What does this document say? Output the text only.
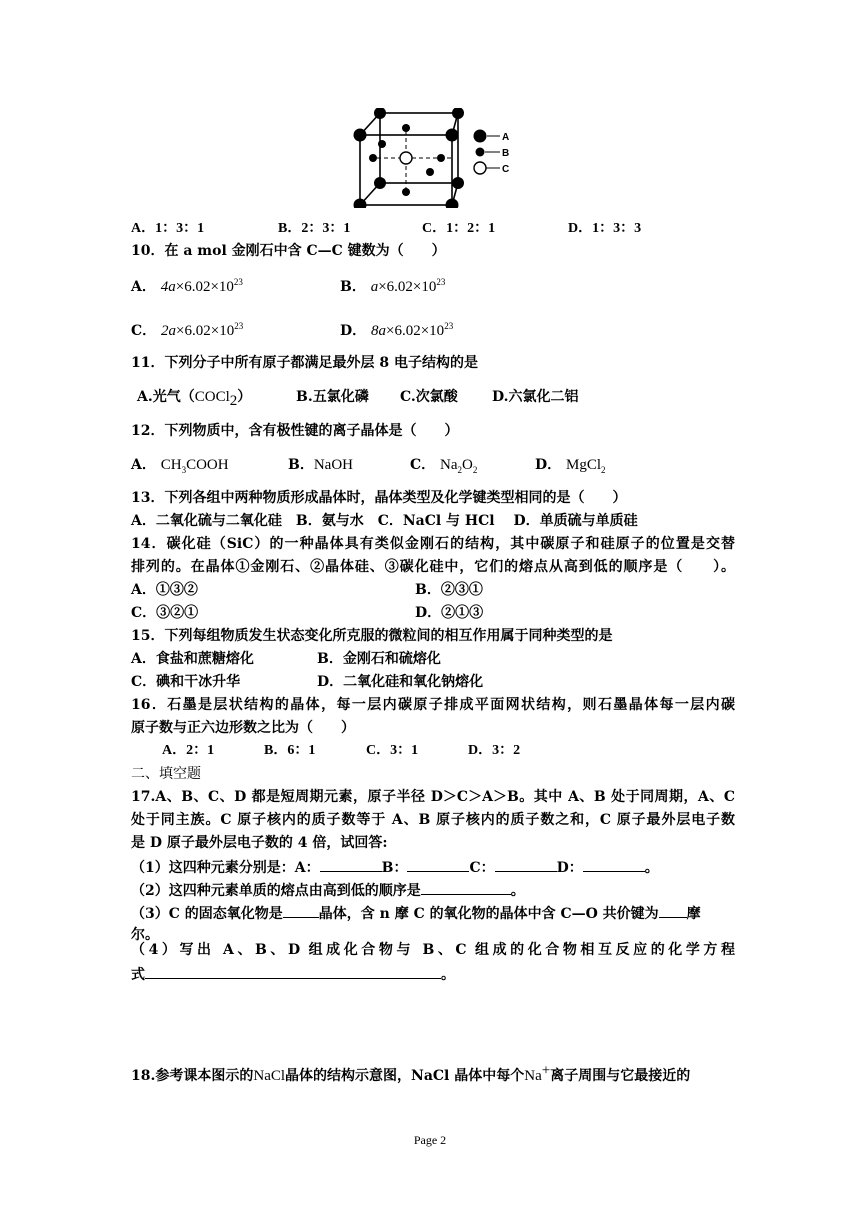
A
B
C
A．1：3：1	B．2：3：1	C．1：2：1	D．1：3：3
10．在 a mol 金刚石中含 C—C 键数为（　　）
A． $4a\times 6.02\times 10^{23}$	B． $a\times 6.02\times 10^{23}$
C． $2a\times 6.02\times 10^{23}$	D． $8a\times 6.02\times 10^{23}$
11．下列分子中所有原子都满足最外层 8 电子结构的是
A.光气（COCl$_2$）	B.五氯化磷 C.次氯酸 D.六氯化二铝
12．下列物质中，含有极性键的离子晶体是（　　）
A． $CH_3COOH$	B．NaOH	C． $Na_2O_2$	D． MgCl$_2$
13．下列各组中两种物质形成晶体时，晶体类型及化学键类型相同的是（　　）
A．二氧化硫与二氧化硅　B．氨与水　C．NaCl 与 HCl　 D．单质硫与单质硅
14．碳化硅（SiC）的一种晶体具有类似金刚石的结构，其中碳原子和硅原子的位置是交替
排列的。在晶体①金刚石、②晶体硅、③碳化硅中，它们的熔点从高到低的顺序是（　　）。
A．①③②	B．②③①
C．③②①	D．②①③
15．下列每组物质发生状态变化所克服的微粒间的相互作用属于同种类型的是
A．食盐和蔗糖熔化	B．金刚石和硫熔化
C．碘和干冰升华	D．二氧化硅和氧化钠熔化
16．石墨是层状结构的晶体，每一层内碳原子排成平面网状结构，则石墨晶体每一层内碳
原子数与正六边形数之比为（　　）
A．2：1	B．6：1	C．3：1	D．3：2
二、填空题
17.A、B、C、D 都是短周期元素，原子半径 D＞C＞A＞B。其中 A、B 处于同周期，A、C
处于同主族。C 原子核内的质子数等于 A、B 原子核内的质子数之和，C 原子最外层电子数
是 D 原子最外层电子数的 4 倍，试回答:
（1）这四种元素分别是：A：	B：	C：	D：	。
（2）这四种元素单质的熔点由高到低的顺序是	。
（3）C 的固态氧化物是	晶体，含 n 摩 C 的氧化物的晶体中含 C—O 共价键为 摩
尔。
（4）写出 A、B、D 组成化合物与 B、C 组成的化合物相互反应的化学方程
式	。
18.参考课本图示的NaCl晶体的结构示意图，NaCl 晶体中每个Na+离子周围与它最接近的
Page 2
